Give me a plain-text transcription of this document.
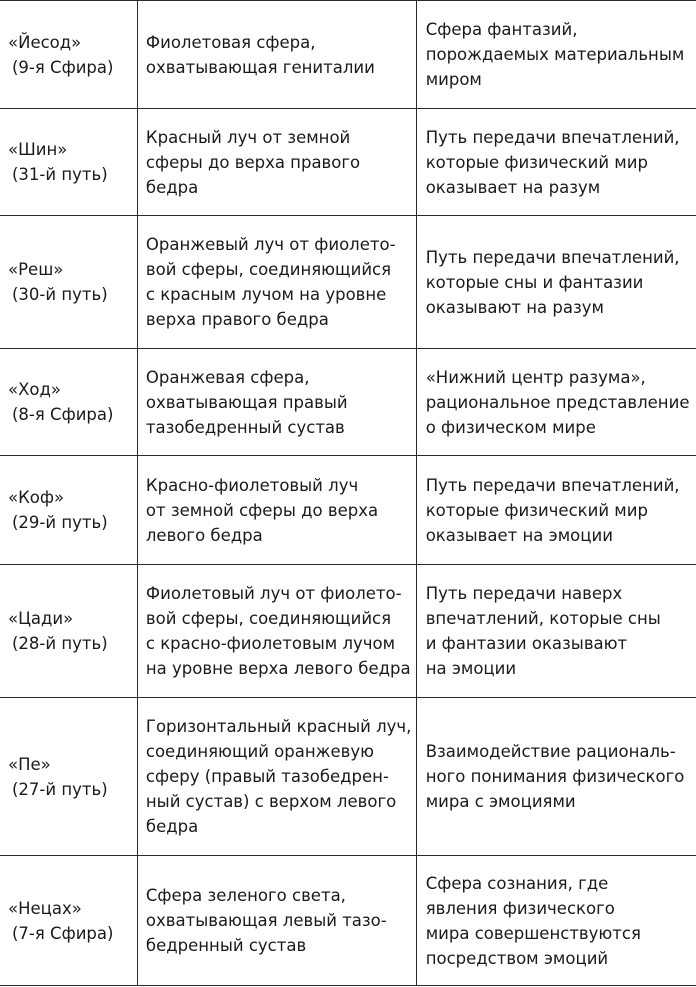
«Йесод»
(9-я Сфира)	Фиолетовая сфера,
охватывающая гениталии	Сфера фантазий,
порождаемых материальным
миром

«Шин»
(31-й путь)	Красный луч от земной
сферы до верха правого
бедра	Путь передачи впечатлений,
которые физический мир
оказывает на разум

«Реш»
(30-й путь)	Оранжевый луч от фиолето-
вой сферы, соединяющийся
с красным лучом на уровне
верха правого бедра	Путь передачи впечатлений,
которые сны и фантазии
оказывают на разум

«Ход»
(8-я Сфира)	Оранжевая сфера,
охватывающая правый
тазобедренный сустав	«Нижний центр разума»,
рациональное представление
о физическом мире

«Коф»
(29-й путь)	Красно-фиолетовый луч
от земной сферы до верха
левого бедра	Путь передачи впечатлений,
которые физический мир
оказывает на эмоции

«Цади»
(28-й путь)	Фиолетовый луч от фиолето-
вой сферы, соединяющийся
с красно-фиолетовым лучом
на уровне верха левого бедра	Путь передачи наверх
впечатлений, которые сны
и фантазии оказывают
на эмоции

«Пе»
(27-й путь)	Горизонтальный красный луч,
соединяющий оранжевую
сферу (правый тазобедрен-
ный сустав) с верхом левого
бедра	Взаимодействие рациональ-
ного понимания физического
мира с эмоциями

«Нецах»
(7-я Сфира)	Сфера зеленого света,
охватывающая левый тазо-
бедренный сустав	Сфера сознания, где
явления физического
мира совершенствуются
посредством эмоций
